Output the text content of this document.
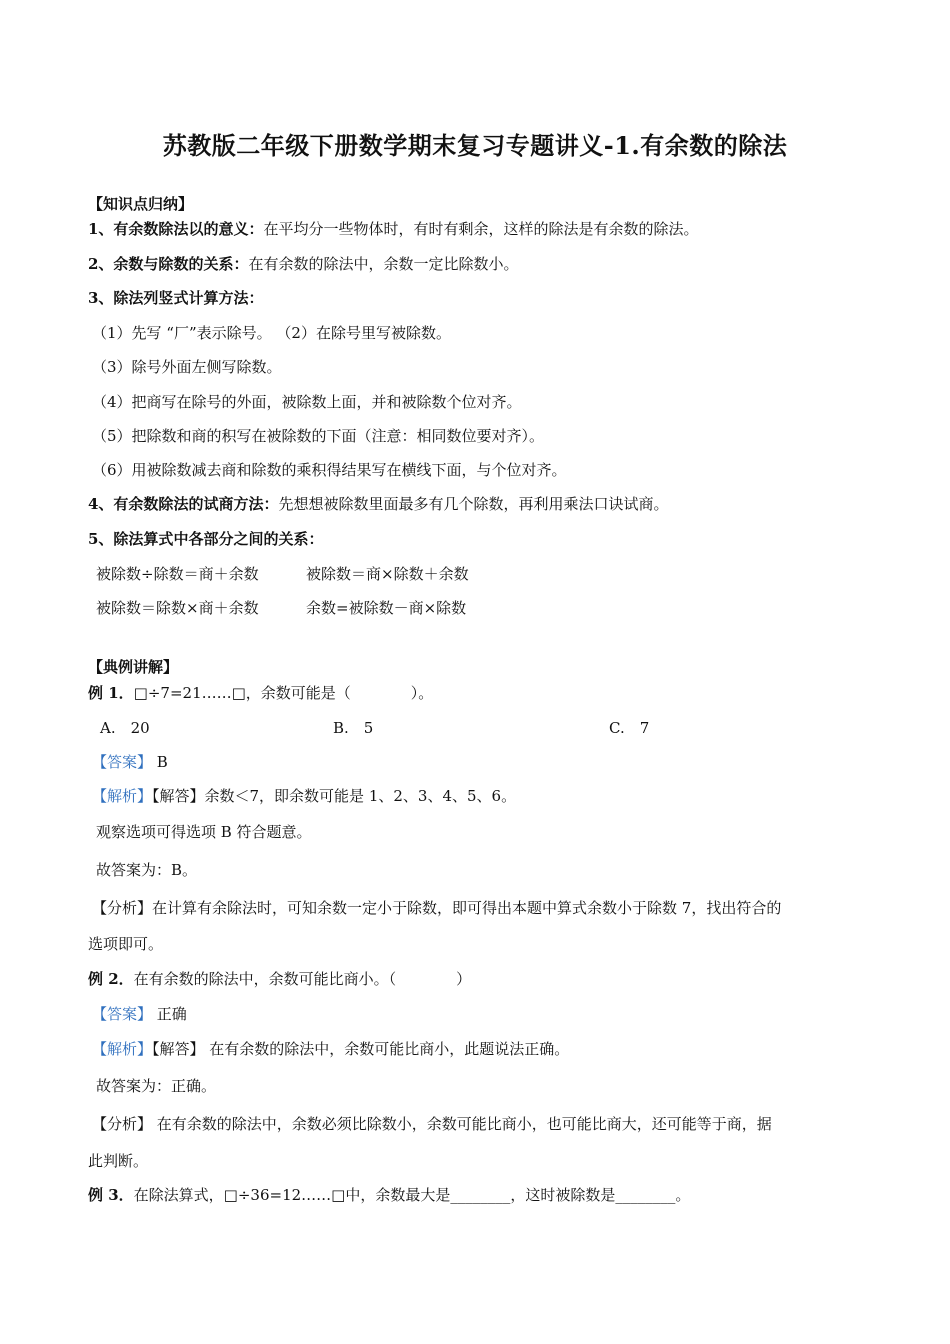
苏教版二年级下册数学期末复习专题讲义-1.有余数的除法
【知识点归纳】
1、有余数除法以的意义：在平均分一些物体时，有时有剩余，这样的除法是有余数的除法。
2、余数与除数的关系：在有余数的除法中，余数一定比除数小。
3、除法列竖式计算方法：
（1）先写 “厂”表示除号。 （2）在除号里写被除数。
（3）除号外面左侧写除数。
（4）把商写在除号的外面，被除数上面，并和被除数个位对齐。
（5）把除数和商的积写在被除数的下面（注意：相同数位要对齐）。
（6）用被除数减去商和除数的乘积得结果写在横线下面，与个位对齐。
4、有余数除法的试商方法：先想想被除数里面最多有几个除数，再利用乘法口诀试商。
5、除法算式中各部分之间的关系：
被除数÷除数＝商＋余数	被除数＝商×除数＋余数
被除数＝除数×商＋余数	余数=被除数－商×除数
【典例讲解】
例 1．□÷7=21……□，余数可能是（　　　　）。
A.　20	B.　5	C.　7
【答案】 B
【解析】【解答】余数＜7，即余数可能是 1、2、3、4、5、6。
观察选项可得选项 B 符合题意。
故答案为：B。
【分析】在计算有余除法时，可知余数一定小于除数，即可得出本题中算式余数小于除数 7，找出符合的
选项即可。
例 2．在有余数的除法中，余数可能比商小。（　　　　）
【答案】 正确
【解析】【解答】 在有余数的除法中，余数可能比商小，此题说法正确。
故答案为：正确。
【分析】 在有余数的除法中，余数必须比除数小，余数可能比商小，也可能比商大，还可能等于商，据
此判断。
例 3．在除法算式，□÷36=12……□中，余数最大是________，这时被除数是________。
